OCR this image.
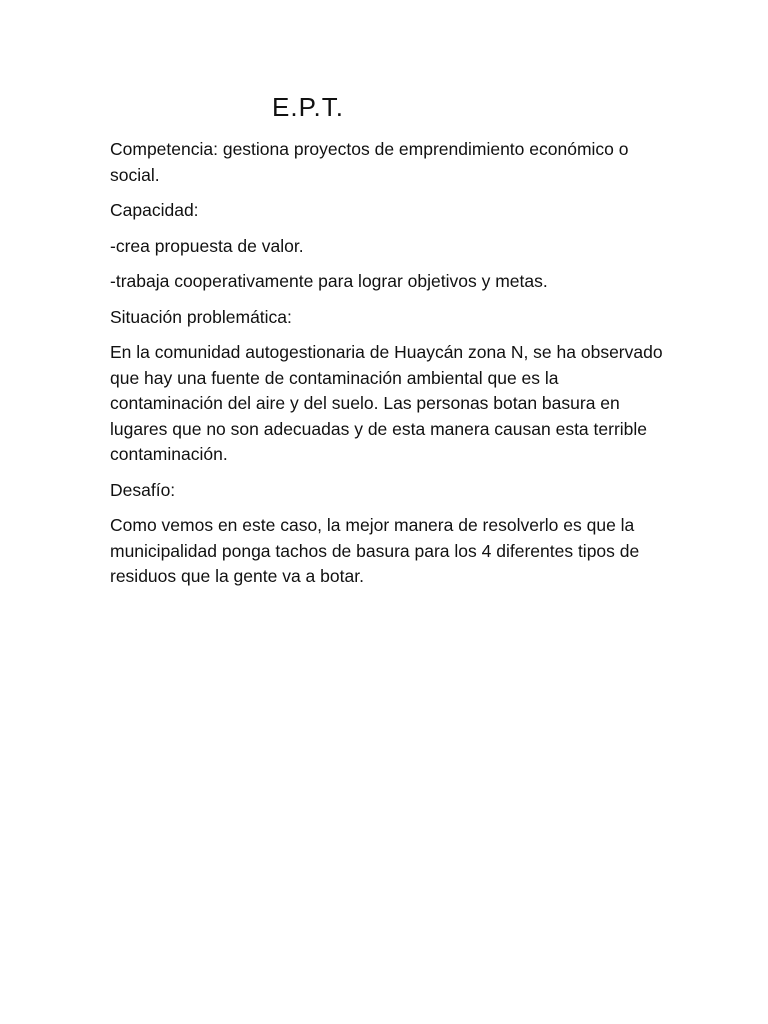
E.P.T.

Competencia: gestiona proyectos de emprendimiento económico o social.

Capacidad:

-crea propuesta de valor.

-trabaja cooperativamente para lograr objetivos y metas.

Situación problemática:

En la comunidad autogestionaria de Huaycán zona N, se ha observado que hay una fuente de contaminación ambiental que es la contaminación del aire y del suelo. Las personas botan basura en lugares que no son adecuadas y de esta manera causan esta terrible contaminación.

Desafío:

Como vemos en este caso, la mejor manera de resolverlo es que la municipalidad ponga tachos de basura para los 4 diferentes tipos de residuos que la gente va a botar.
